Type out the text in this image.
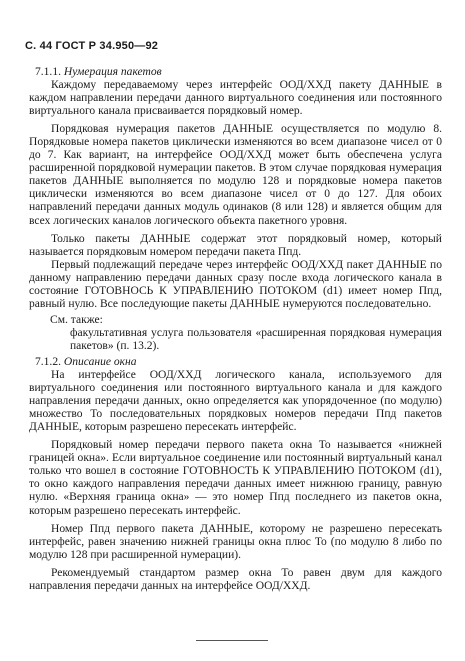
С. 44 ГОСТ Р 34.950—92

7.1.1. Нумерация пакетов

Каждому передаваемому через интерфейс ООД/ХХД пакету ДАННЫЕ в каждом направлении передачи данного виртуального соединения или постоянного виртуального канала присваивается порядковый номер.

Порядковая нумерация пакетов ДАННЫЕ осуществляется по модулю 8. Порядковые номера пакетов циклически изменяются во всем диапазоне чисел от 0 до 7. Как вариант, на интерфейсе ООД/ХХД может быть обеспечена услуга расширенной порядковой нумерации пакетов. В этом случае порядковая нумерация пакетов ДАННЫЕ выполняется по модулю 128 и порядковые номера пакетов циклически изменяются во всем диапазоне чисел от 0 до 127. Для обоих направлений передачи данных модуль одинаков (8 или 128) и является общим для всех логических каналов логического объекта пакетного уровня.

Только пакеты ДАННЫЕ содержат этот порядковый номер, который называется порядковым номером передачи пакета Ппд.

Первый подлежащий передаче через интерфейс ООД/ХХД пакет ДАННЫЕ по данному направлению передачи данных сразу после входа логического канала в состояние ГОТОВНОСЬ К УПРАВЛЕНИЮ ПОТОКОМ (d1) имеет номер Ппд, равный нулю. Все последующие пакеты ДАННЫЕ нумеруются последовательно.

См. также:

факультативная услуга пользователя «расширенная порядковая нумерация пакетов» (п. 13.2).

7.1.2. Описание окна

На интерфейсе ООД/ХХД логического канала, используемого для виртуального соединения или постоянного виртуального канала и для каждого направления передачи данных, окно определяется как упорядоченное (по модулю) множество То последовательных порядковых номеров передачи Ппд пакетов ДАННЫЕ, которым разрешено пересекать интерфейс.

Порядковый номер передачи первого пакета окна То называется «нижней границей окна». Если виртуальное соединение или постоянный виртуальный канал только что вошел в состояние ГОТОВНОСТЬ К УПРАВЛЕНИЮ ПОТОКОМ (d1), то окно каждого направления передачи данных имеет нижнюю границу, равную нулю. «Верхняя граница окна» — это номер Ппд последнего из пакетов окна, которым разрешено пересекать интерфейс.

Номер Ппд первого пакета ДАННЫЕ, которому не разрешено пересекать интерфейс, равен значению нижней границы окна плюс То (по модулю 8 либо по модулю 128 при расширенной нумерации).

Рекомендуемый стандартом размер окна То равен двум для каждого направления передачи данных на интерфейсе ООД/ХХД.
